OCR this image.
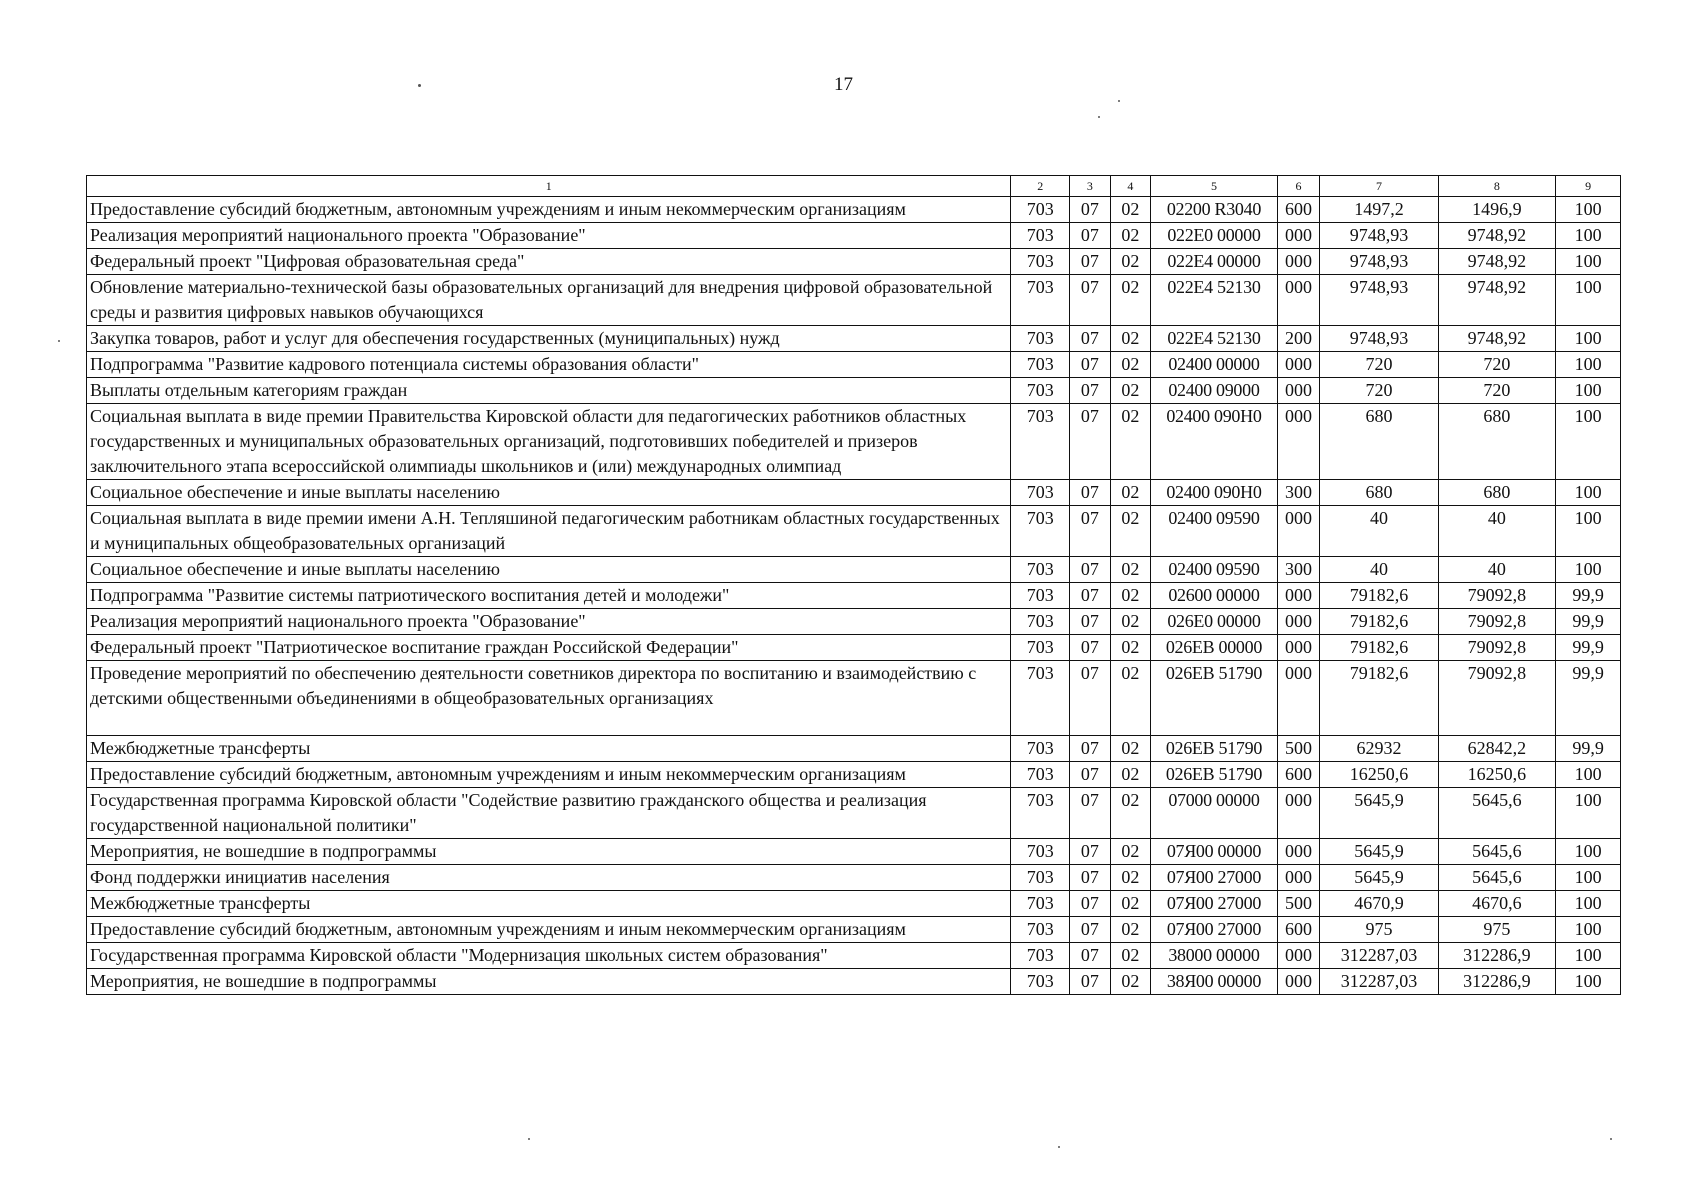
17
1	2	3	4	5	6	7	8	9
Предоставление субсидий бюджетным, автономным учреждениям и иным некоммерческим организациям	703	07	02	02200 R3040	600	1497,2	1496,9	100
Реализация мероприятий национального проекта "Образование"	703	07	02	022Е0 00000	000	9748,93	9748,92	100
Федеральный проект "Цифровая образовательная среда"	703	07	02	022Е4 00000	000	9748,93	9748,92	100
Обновление материально-технической базы образовательных организаций для внедрения цифровой образовательной среды и развития цифровых навыков обучающихся	703	07	02	022Е4 52130	000	9748,93	9748,92	100
Закупка товаров, работ и услуг для обеспечения государственных (муниципальных) нужд	703	07	02	022Е4 52130	200	9748,93	9748,92	100
Подпрограмма "Развитие кадрового потенциала системы образования области"	703	07	02	02400 00000	000	720	720	100
Выплаты отдельным категориям граждан	703	07	02	02400 09000	000	720	720	100
Социальная выплата в виде премии Правительства Кировской области для педагогических работников областных государственных и муниципальных образовательных организаций, подготовивших победителей и призеров заключительного этапа всероссийской олимпиады школьников и (или) международных олимпиад	703	07	02	02400 090Н0	000	680	680	100
Социальное обеспечение и иные выплаты населению	703	07	02	02400 090Н0	300	680	680	100
Социальная выплата в виде премии имени А.Н. Тепляшиной педагогическим работникам областных государственных и муниципальных общеобразовательных организаций	703	07	02	02400 09590	000	40	40	100
Социальное обеспечение и иные выплаты населению	703	07	02	02400 09590	300	40	40	100
Подпрограмма "Развитие системы патриотического воспитания детей и молодежи"	703	07	02	02600 00000	000	79182,6	79092,8	99,9
Реализация мероприятий национального проекта "Образование"	703	07	02	026Е0 00000	000	79182,6	79092,8	99,9
Федеральный проект "Патриотическое воспитание граждан Российской Федерации"	703	07	02	026ЕВ 00000	000	79182,6	79092,8	99,9
Проведение мероприятий по обеспечению деятельности советников директора по воспитанию и взаимодействию с детскими общественными объединениями в общеобразовательных организациях	703	07	02	026ЕВ 51790	000	79182,6	79092,8	99,9
Межбюджетные трансферты	703	07	02	026ЕВ 51790	500	62932	62842,2	99,9
Предоставление субсидий бюджетным, автономным учреждениям и иным некоммерческим организациям	703	07	02	026ЕВ 51790	600	16250,6	16250,6	100
Государственная программа Кировской области "Содействие развитию гражданского общества и реализация государственной национальной политики"	703	07	02	07000 00000	000	5645,9	5645,6	100
Мероприятия, не вошедшие в подпрограммы	703	07	02	07Я00 00000	000	5645,9	5645,6	100
Фонд поддержки инициатив населения	703	07	02	07Я00 27000	000	5645,9	5645,6	100
Межбюджетные трансферты	703	07	02	07Я00 27000	500	4670,9	4670,6	100
Предоставление субсидий бюджетным, автономным учреждениям и иным некоммерческим организациям	703	07	02	07Я00 27000	600	975	975	100
Государственная программа Кировской области "Модернизация школьных систем образования"	703	07	02	38000 00000	000	312287,03	312286,9	100
Мероприятия, не вошедшие в подпрограммы	703	07	02	38Я00 00000	000	312287,03	312286,9	100
